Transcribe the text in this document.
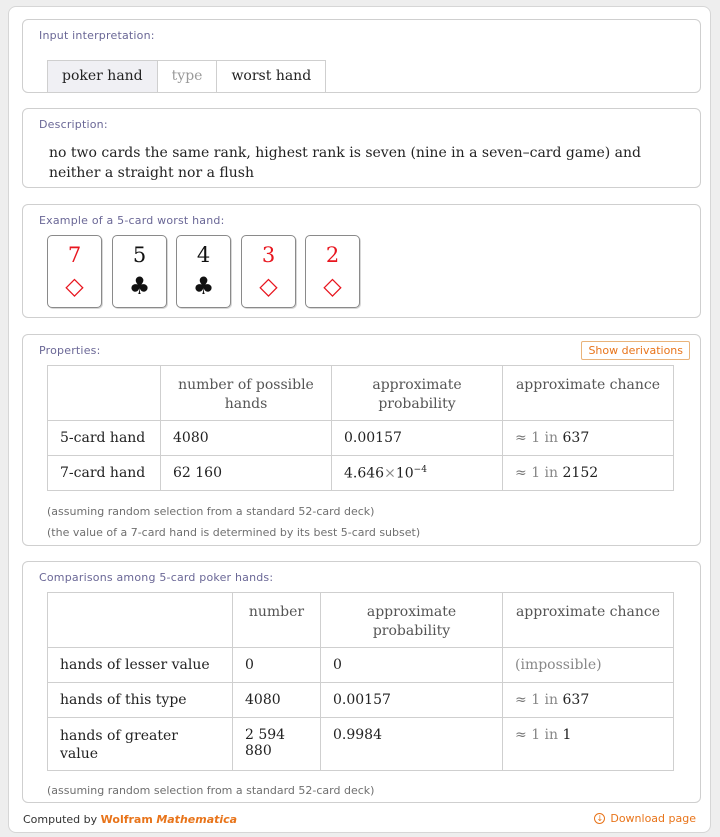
Input interpretation:
poker hand	type	worst hand
Description:
no two cards the same rank, highest rank is seven (nine in a seven–card game) and neither a straight nor a flush
Example of a 5-card worst hand:
7
◇
5
♣
4
♣
3
◇
2
◇
Properties:	Show derivations
	number of possible hands	approximate probability	approximate chance
5-card hand	4080	0.00157	≈ 1 in 637
7-card hand	62 160	$4.646\times 10^{-4}$	≈ 1 in 2152
(assuming random selection from a standard 52-card deck)
(the value of a 7-card hand is determined by its best 5-card subset)
Comparisons among 5-card poker hands:
	number	approximate probability	approximate chance
hands of lesser value	0	0	(impossible)
hands of this type	4080	0.00157	≈ 1 in 637
hands of greater value	2 594 880	0.9984	≈ 1 in 1
(assuming random selection from a standard 52-card deck)
Computed by Wolfram Mathematica	↓ Download page
